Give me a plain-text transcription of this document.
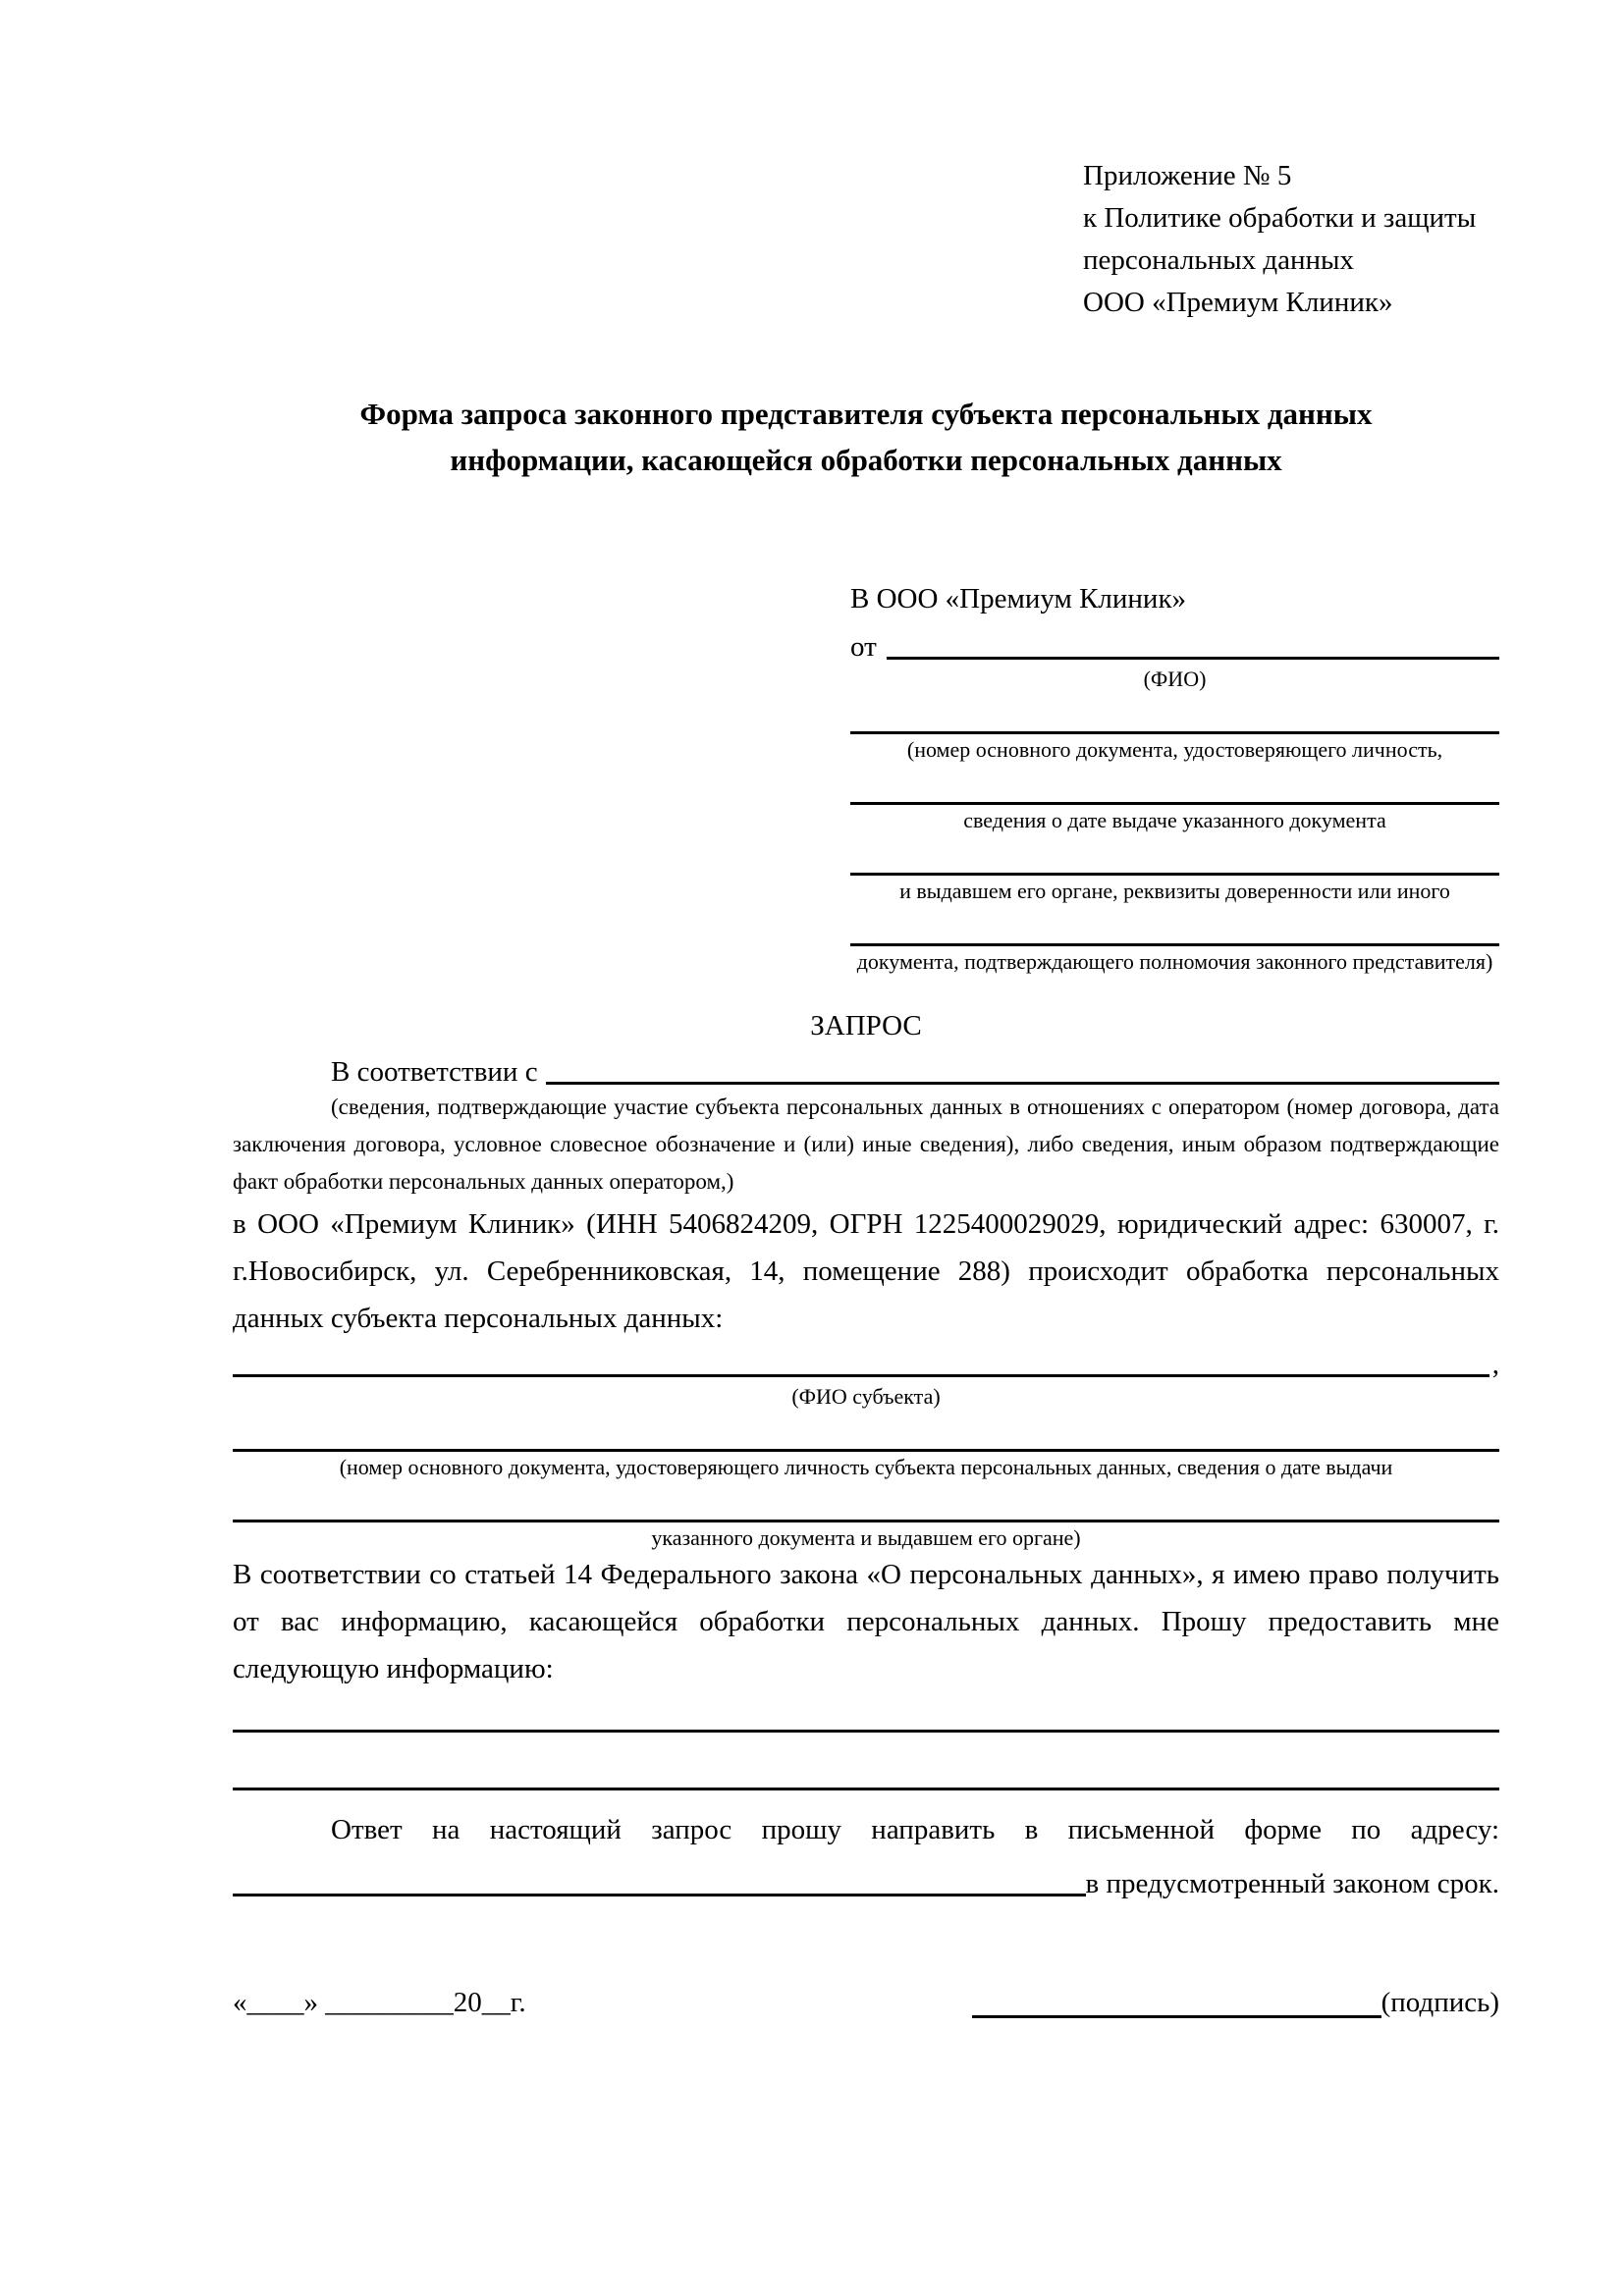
Приложение № 5
к Политике обработки и защиты
персональных данных
ООО «Премиум Клиник»
Форма запроса законного представителя субъекта персональных данных
информации, касающейся обработки персональных данных
В ООО «Премиум Клиник»
от
(ФИО)
(номер основного документа, удостоверяющего личность,
сведения о дате выдаче указанного документа
и выдавшем его органе, реквизиты доверенности или иного
документа, подтверждающего полномочия законного представителя)
ЗАПРОС
В соответствии с

(сведения, подтверждающие участие субъекта персональных данных в отношениях с оператором (номер договора, дата заключения договора, условное словесное обозначение и (или) иные сведения), либо сведения, иным образом подтверждающие факт обработки персональных данных оператором,)

в ООО «Премиум Клиник» (ИНН 5406824209, ОГРН 1225400029029, юридический адрес: 630007, г. г.Новосибирск, ул. Серебренниковская, 14, помещение 288) происходит обработка персональных данных субъекта персональных данных:

,
(ФИО субъекта)
(номер основного документа, удостоверяющего личность субъекта персональных данных, сведения о дате выдачи
указанного документа и выдавшем его органе)

В соответствии со статьей 14 Федерального закона «О персональных данных», я имею право получить от вас информацию, касающейся обработки персональных данных. Прошу предоставить мне следующую информацию:

Ответ на настоящий запрос прошу направить в письменной форме по адресу:

в предусмотренный законом срок.
«____» _________20__г.	(подпись)
